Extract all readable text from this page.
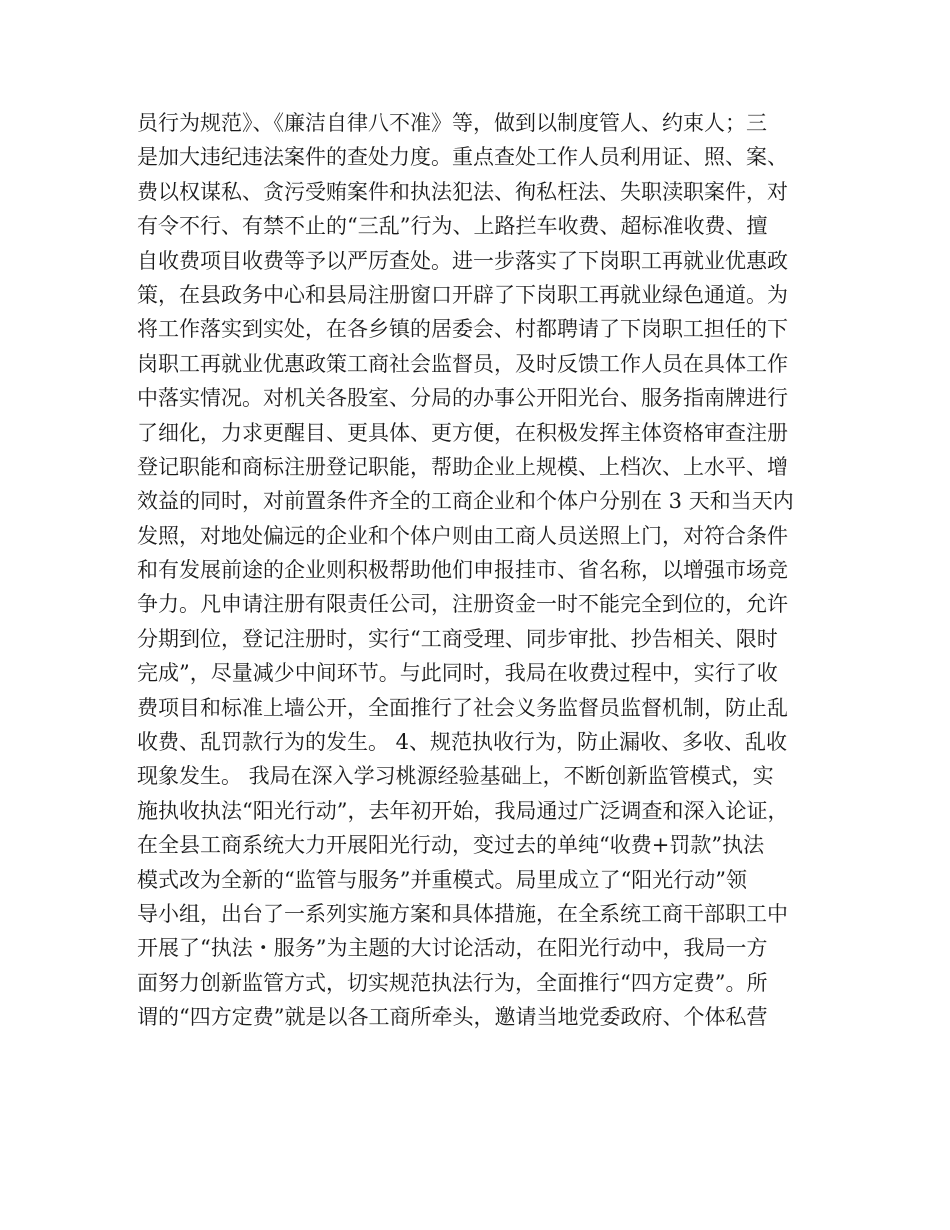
员行为规范》、《廉洁自律八不准》等，做到以制度管人、约束人；三
是加大违纪违法案件的查处力度。重点查处工作人员利用证、照、案、
费以权谋私、贪污受贿案件和执法犯法、徇私枉法、失职渎职案件，对
有令不行、有禁不止的“三乱”行为、上路拦车收费、超标准收费、擅
自收费项目收费等予以严厉查处。进一步落实了下岗职工再就业优惠政
策，在县政务中心和县局注册窗口开辟了下岗职工再就业绿色通道。为
将工作落实到实处，在各乡镇的居委会、村都聘请了下岗职工担任的下
岗职工再就业优惠政策工商社会监督员，及时反馈工作人员在具体工作
中落实情况。对机关各股室、分局的办事公开阳光台、服务指南牌进行
了细化，力求更醒目、更具体、更方便，在积极发挥主体资格审查注册
登记职能和商标注册登记职能，帮助企业上规模、上档次、上水平、增
效益的同时，对前置条件齐全的工商企业和个体户分别在 3 天和当天内
发照，对地处偏远的企业和个体户则由工商人员送照上门，对符合条件
和有发展前途的企业则积极帮助他们申报挂市、省名称，以增强市场竞
争力。凡申请注册有限责任公司，注册资金一时不能完全到位的，允许
分期到位，登记注册时，实行“工商受理、同步审批、抄告相关、限时
完成”，尽量减少中间环节。与此同时，我局在收费过程中，实行了收
费项目和标准上墙公开，全面推行了社会义务监督员监督机制，防止乱
收费、乱罚款行为的发生。 4、规范执收行为，防止漏收、多收、乱收
现象发生。 我局在深入学习桃源经验基础上，不断创新监管模式，实
施执收执法“阳光行动”，去年初开始，我局通过广泛调查和深入论证，
在全县工商系统大力开展阳光行动，变过去的单纯“收费+罚款”执法
模式改为全新的“监管与服务”并重模式。局里成立了“阳光行动”领
导小组，出台了一系列实施方案和具体措施，在全系统工商干部职工中
开展了“执法・服务”为主题的大讨论活动，在阳光行动中，我局一方
面努力创新监管方式，切实规范执法行为，全面推行“四方定费”。所
谓的“四方定费”就是以各工商所牵头，邀请当地党委政府、个体私营
